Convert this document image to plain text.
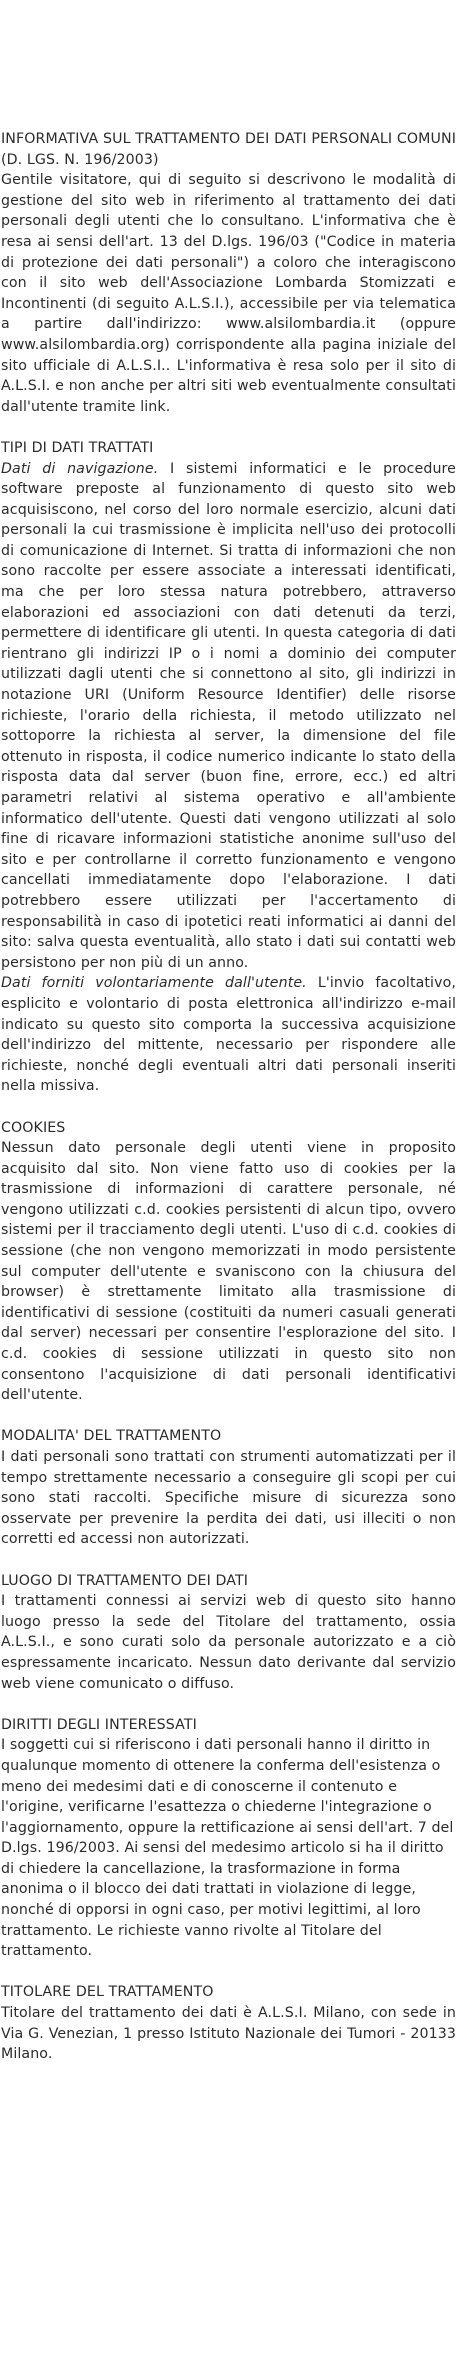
INFORMATIVA SUL TRATTAMENTO DEI DATI PERSONALI COMUNI (D. LGS. N. 196/2003)
Gentile visitatore, qui di seguito si descrivono le modalità di gestione del sito web in riferimento al trattamento dei dati personali degli utenti che lo consultano. L'informativa che è resa ai sensi dell'art. 13 del D.lgs. 196/03 ("Codice in materia di protezione dei dati personali") a coloro che interagiscono con il sito web dell'Associazione Lombarda Stomizzati e Incontinenti (di seguito A.L.S.I.), accessibile per via telematica a partire dall'indirizzo: www.alsilombardia.it (oppure www.alsilombardia.org) corrispondente alla pagina iniziale del sito ufficiale di A.L.S.I.. L'informativa è resa solo per il sito di A.L.S.I. e non anche per altri siti web eventualmente consultati dall'utente tramite link.

TIPI DI DATI TRATTATI

Dati di navigazione. I sistemi informatici e le procedure software preposte al funzionamento di questo sito web acquisiscono, nel corso del loro normale esercizio, alcuni dati personali la cui trasmissione è implicita nell'uso dei protocolli di comunicazione di Internet. Si tratta di informazioni che non sono raccolte per essere associate a interessati identificati, ma che per loro stessa natura potrebbero, attraverso elaborazioni ed associazioni con dati detenuti da terzi, permettere di identificare gli utenti. In questa categoria di dati rientrano gli indirizzi IP o i nomi a dominio dei computer utilizzati dagli utenti che si connettono al sito, gli indirizzi in notazione URI (Uniform Resource Identifier) delle risorse richieste, l'orario della richiesta, il metodo utilizzato nel sottoporre la richiesta al server, la dimensione del file ottenuto in risposta, il codice numerico indicante lo stato della risposta data dal server (buon fine, errore, ecc.) ed altri parametri relativi al sistema operativo e all'ambiente informatico dell'utente. Questi dati vengono utilizzati al solo fine di ricavare informazioni statistiche anonime sull'uso del sito e per controllarne il corretto funzionamento e vengono cancellati immediatamente dopo l'elaborazione. I dati potrebbero essere utilizzati per l'accertamento di responsabilità in caso di ipotetici reati informatici ai danni del sito: salva questa eventualità, allo stato i dati sui contatti web persistono per non più di un anno.

Dati forniti volontariamente dall'utente. L'invio facoltativo, esplicito e volontario di posta elettronica all'indirizzo e-mail indicato su questo sito comporta la successiva acquisizione dell'indirizzo del mittente, necessario per rispondere alle richieste, nonché degli eventuali altri dati personali inseriti nella missiva.

COOKIES

Nessun dato personale degli utenti viene in proposito acquisito dal sito. Non viene fatto uso di cookies per la trasmissione di informazioni di carattere personale, né vengono utilizzati c.d. cookies persistenti di alcun tipo, ovvero sistemi per il tracciamento degli utenti. L'uso di c.d. cookies di sessione (che non vengono memorizzati in modo persistente sul computer dell'utente e svaniscono con la chiusura del browser) è strettamente limitato alla trasmissione di identificativi di sessione (costituiti da numeri casuali generati dal server) necessari per consentire l'esplorazione del sito. I c.d. cookies di sessione utilizzati in questo sito non consentono l'acquisizione di dati personali identificativi dell'utente.

MODALITA' DEL TRATTAMENTO

I dati personali sono trattati con strumenti automatizzati per il tempo strettamente necessario a conseguire gli scopi per cui sono stati raccolti. Specifiche misure di sicurezza sono osservate per prevenire la perdita dei dati, usi illeciti o non corretti ed accessi non autorizzati.

LUOGO DI TRATTAMENTO DEI DATI

I trattamenti connessi ai servizi web di questo sito hanno luogo presso la sede del Titolare del trattamento, ossia A.L.S.I., e sono curati solo da personale autorizzato e a ciò espressamente incaricato. Nessun dato derivante dal servizio web viene comunicato o diffuso.

DIRITTI DEGLI INTERESSATI

I soggetti cui si riferiscono i dati personali hanno il diritto in qualunque momento di ottenere la conferma dell'esistenza o meno dei medesimi dati e di conoscerne il contenuto e l'origine, verificarne l'esattezza o chiederne l'integrazione o l'aggiornamento, oppure la rettificazione ai sensi dell'art. 7 del D.lgs. 196/2003. Ai sensi del medesimo articolo si ha il diritto di chiedere la cancellazione, la trasformazione in forma anonima o il blocco dei dati trattati in violazione di legge, nonché di opporsi in ogni caso, per motivi legittimi, al loro trattamento. Le richieste vanno rivolte al Titolare del trattamento.

TITOLARE DEL TRATTAMENTO

Titolare del trattamento dei dati è A.L.S.I. Milano, con sede in Via G. Venezian, 1 presso Istituto Nazionale dei Tumori - 20133 Milano.
